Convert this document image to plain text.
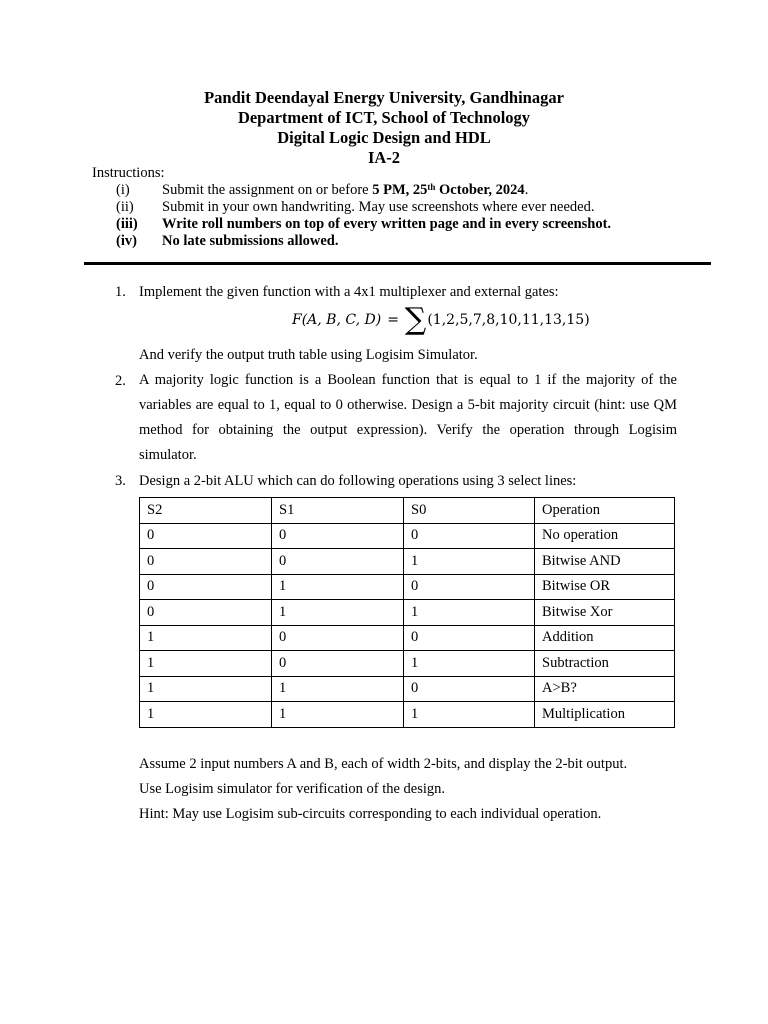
Pandit Deendayal Energy University, Gandhinagar
Department of ICT, School of Technology
Digital Logic Design and HDL
IA-2
Instructions:
(i)	Submit the assignment on or before 5 PM, 25th October, 2024.
(ii)	Submit in your own handwriting. May use screenshots where ever needed.
(iii)	Write roll numbers on top of every written page and in every screenshot.
(iv)	No late submissions allowed.
1. Implement the given function with a 4x1 multiplexer and external gates:
F(A, B, C, D) = ∑ (1,2,5,7,8,10,11,13,15)
And verify the output truth table using Logisim Simulator.
2. A majority logic function is a Boolean function that is equal to 1 if the majority of the variables are equal to 1, equal to 0 otherwise. Design a 5-bit majority circuit (hint: use QM method for obtaining the output expression). Verify the operation through Logisim simulator.
3. Design a 2-bit ALU which can do following operations using 3 select lines:
S2	S1	S0	Operation
0	0	0	No operation
0	0	1	Bitwise AND
0	1	0	Bitwise OR
0	1	1	Bitwise Xor
1	0	0	Addition
1	0	1	Subtraction
1	1	0	A>B?
1	1	1	Multiplication
Assume 2 input numbers A and B, each of width 2-bits, and display the 2-bit output.
Use Logisim simulator for verification of the design.
Hint: May use Logisim sub-circuits corresponding to each individual operation.
